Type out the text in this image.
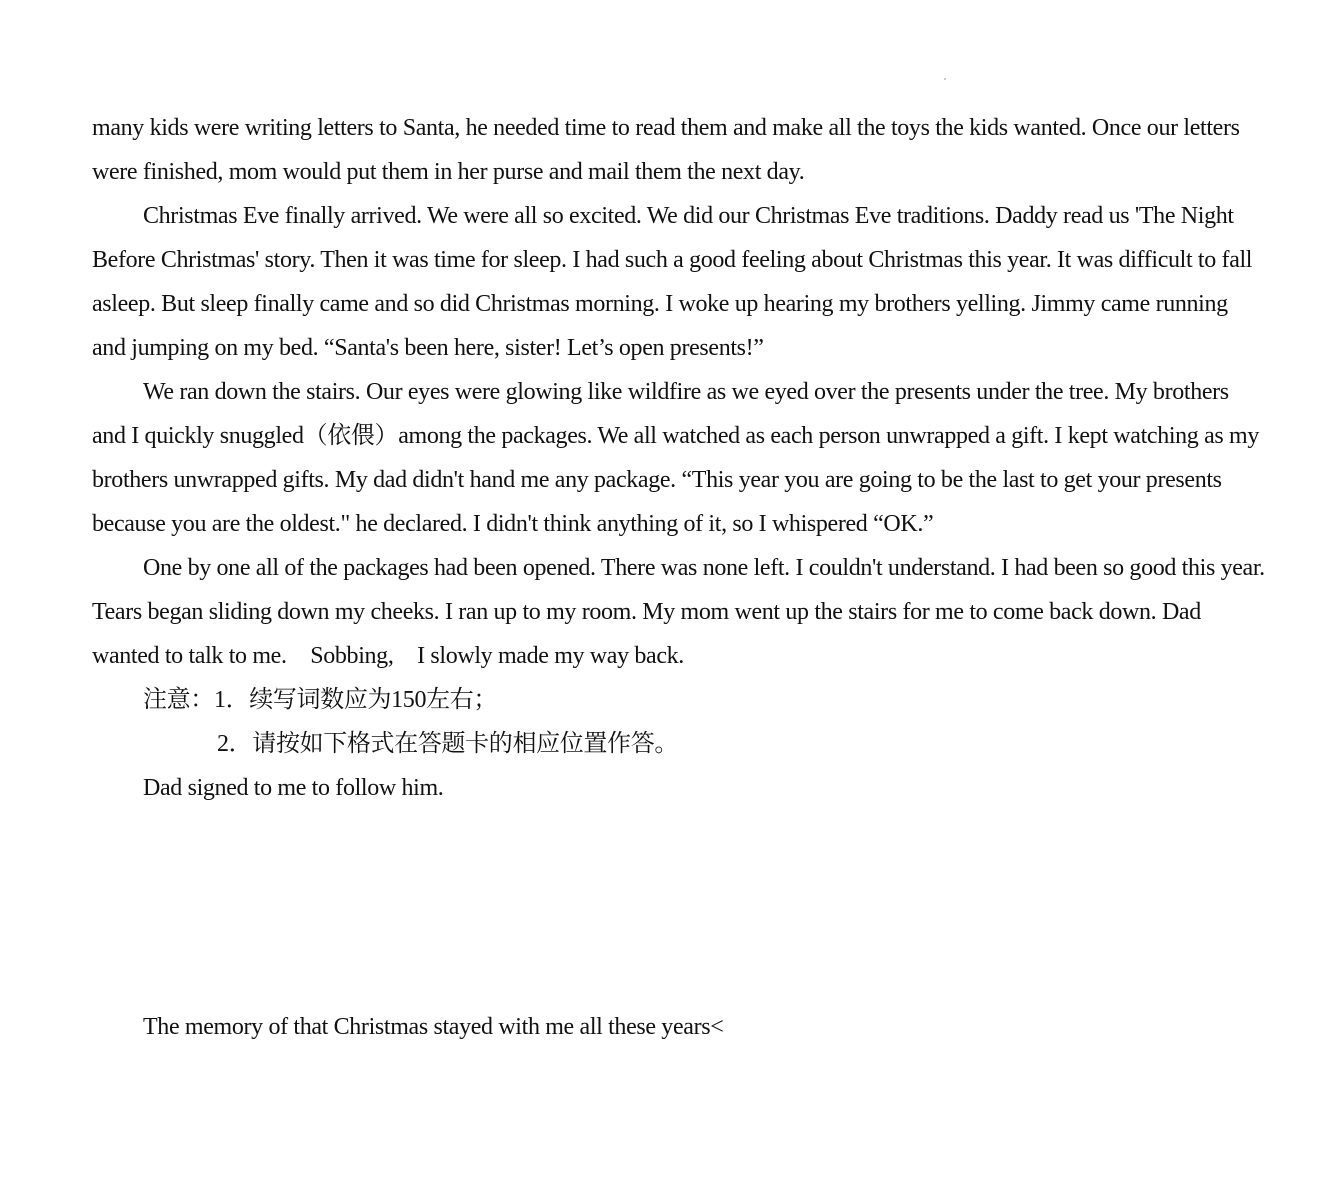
many kids were writing letters to Santa, he needed time to read them and make all the toys the kids wanted. Once our letters were finished, mom would put them in her purse and mail them the next day.

Christmas Eve finally arrived. We were all so excited. We did our Christmas Eve traditions. Daddy read us 'The Night Before Christmas' story. Then it was time for sleep. I had such a good feeling about Christmas this year. It was difficult to fall asleep. But sleep finally came and so did Christmas morning. I woke up hearing my brothers yelling. Jimmy came running and jumping on my bed. “Santa's been here, sister! Let’s open presents!”

We ran down the stairs. Our eyes were glowing like wildfire as we eyed over the presents under the tree. My brothers and I quickly snuggled（依偎）among the packages. We all watched as each person unwrapped a gift. I kept watching as my brothers unwrapped gifts. My dad didn't hand me any package. “This year you are going to be the last to get your presents because you are the oldest." he declared. I didn't think anything of it, so I whispered “OK.”

One by one all of the packages had been opened. There was none left. I couldn't understand. I had been so good this year. Tears began sliding down my cheeks. I ran up to my room. My mom went up the stairs for me to come back down. Dad wanted to talk to me.　Sobbing,　I slowly made my way back.

注意：1．续写词数应为150左右；

2．请按如下格式在答题卡的相应位置作答。

Dad signed to me to follow him.

The memory of that Christmas stayed with me all these years<
